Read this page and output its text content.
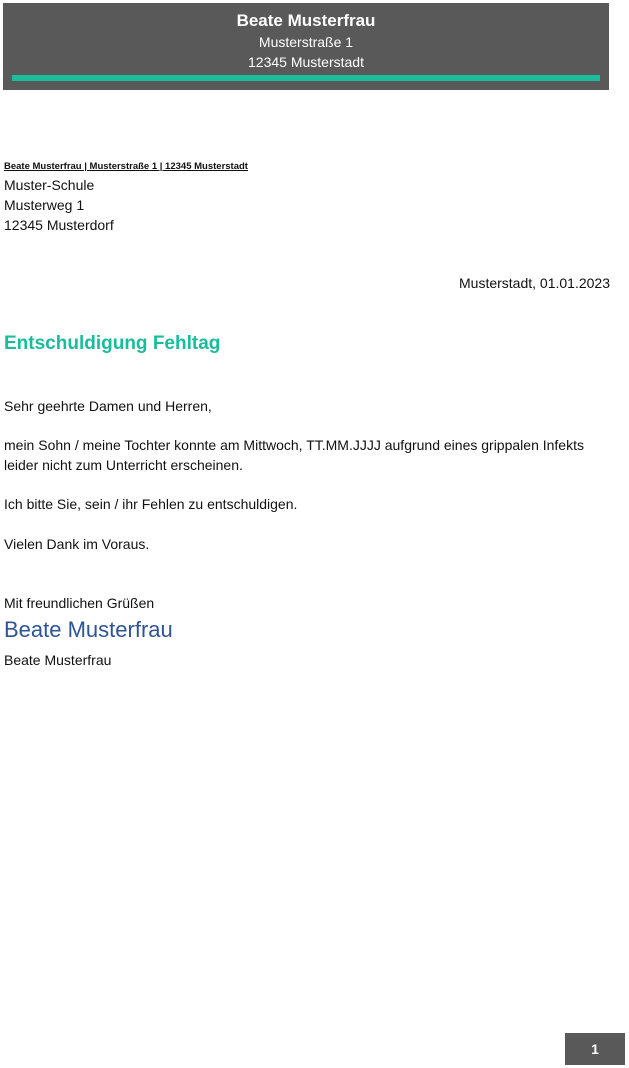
Beate Musterfrau
Musterstraße 1
12345 Musterstadt
Beate Musterfrau | Musterstraße 1 | 12345 Musterstadt
Muster-Schule
Musterweg 1
12345 Musterdorf
Musterstadt, 01.01.2023
Entschuldigung Fehltag
Sehr geehrte Damen und Herren,
mein Sohn / meine Tochter konnte am Mittwoch, TT.MM.JJJJ aufgrund eines grippalen Infekts leider nicht zum Unterricht erscheinen.
Ich bitte Sie, sein / ihr Fehlen zu entschuldigen.
Vielen Dank im Voraus.
Mit freundlichen Grüßen
Beate Musterfrau
Beate Musterfrau
1
